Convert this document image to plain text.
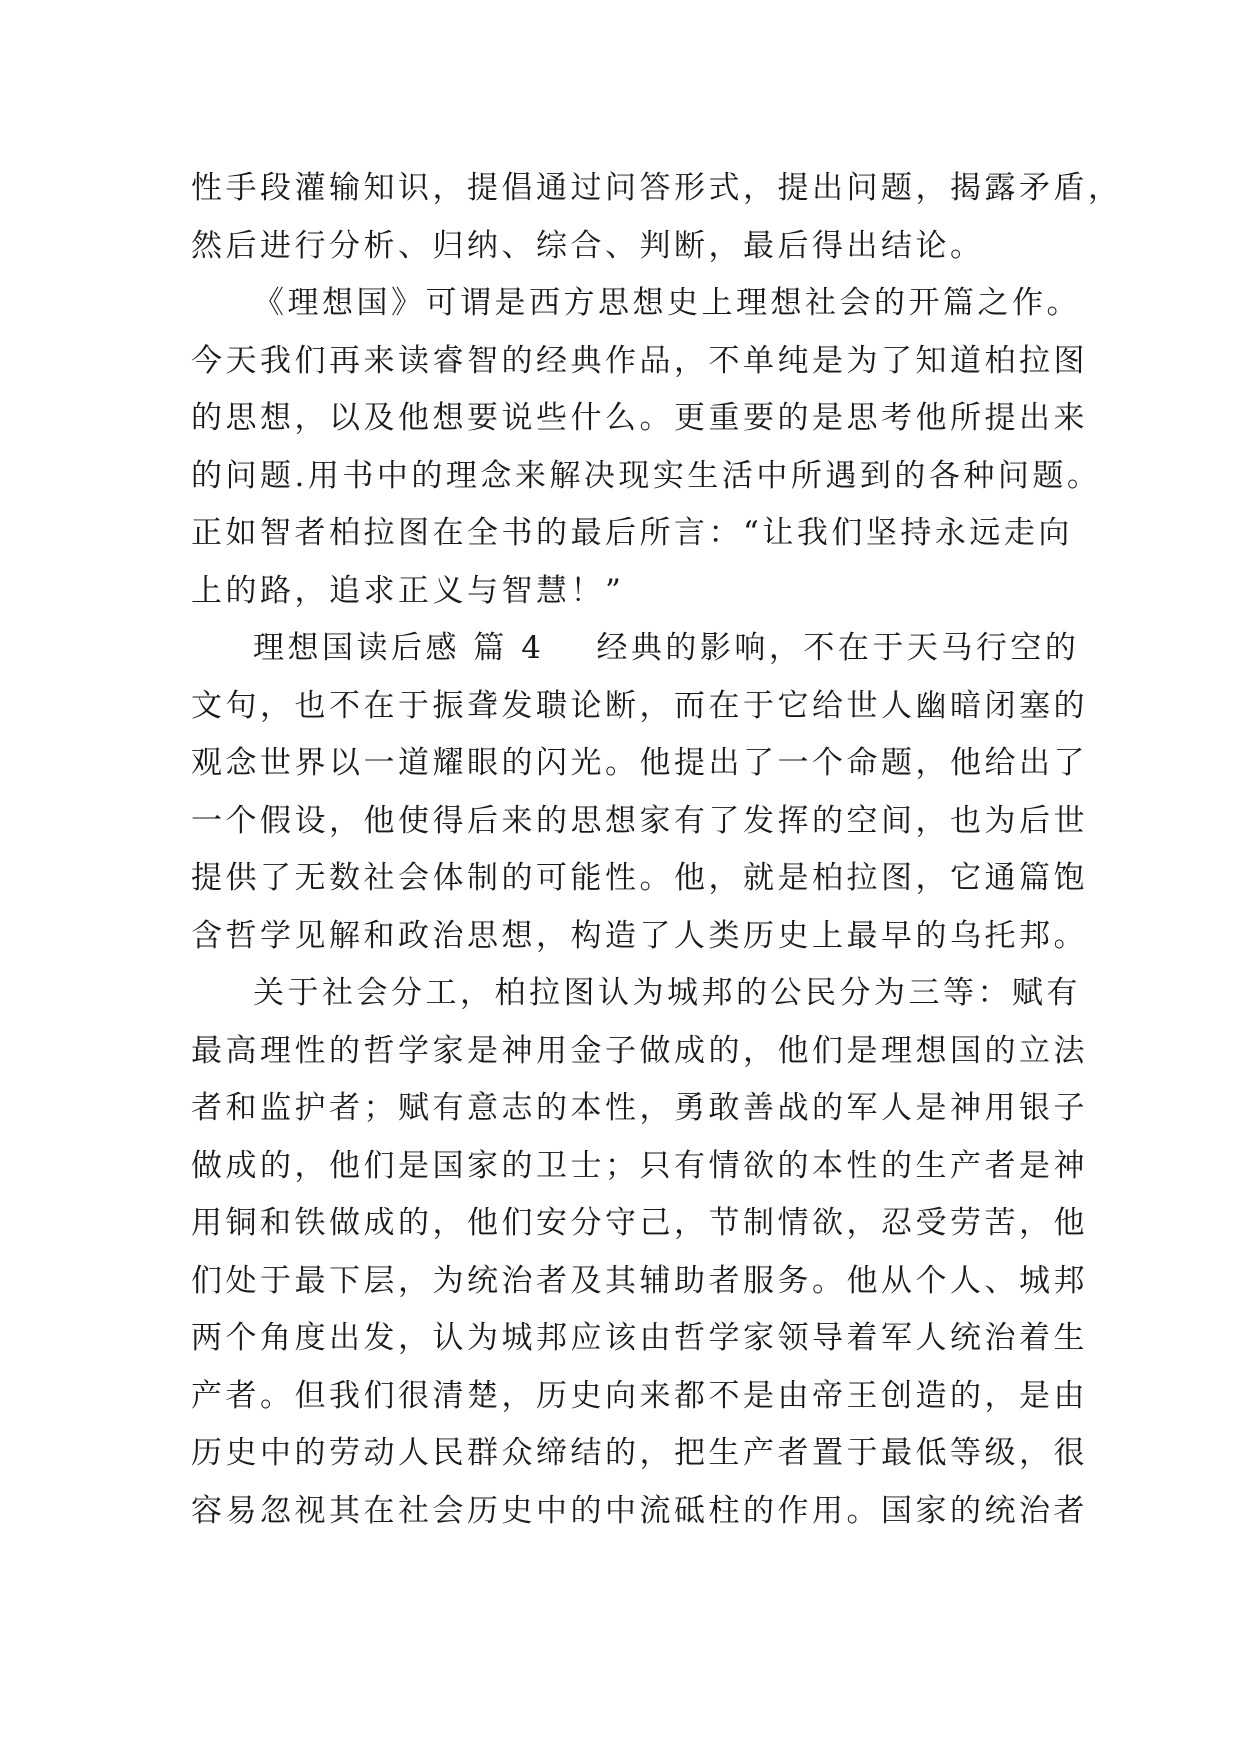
性手段灌输知识，提倡通过问答形式，提出问题，揭露矛盾，
然后进行分析、归纳、综合、判断，最后得出结论。
《理想国》可谓是西方思想史上理想社会的开篇之作。
今天我们再来读睿智的经典作品，不单纯是为了知道柏拉图
的思想，以及他想要说些什么。更重要的是思考他所提出来
的问题.用书中的理念来解决现实生活中所遇到的各种问题。
正如智者柏拉图在全书的最后所言：“让我们坚持永远走向
上的路，追求正义与智慧！”
理想国读后感 篇 4 经典的影响，不在于天马行空的
文句，也不在于振聋发聩论断，而在于它给世人幽暗闭塞的
观念世界以一道耀眼的闪光。他提出了一个命题，他给出了
一个假设，他使得后来的思想家有了发挥的空间，也为后世
提供了无数社会体制的可能性。他，就是柏拉图，它通篇饱
含哲学见解和政治思想，构造了人类历史上最早的乌托邦。
关于社会分工，柏拉图认为城邦的公民分为三等：赋有
最高理性的哲学家是神用金子做成的，他们是理想国的立法
者和监护者；赋有意志的本性，勇敢善战的军人是神用银子
做成的，他们是国家的卫士；只有情欲的本性的生产者是神
用铜和铁做成的，他们安分守己，节制情欲，忍受劳苦，他
们处于最下层，为统治者及其辅助者服务。他从个人、城邦
两个角度出发，认为城邦应该由哲学家领导着军人统治着生
产者。但我们很清楚，历史向来都不是由帝王创造的，是由
历史中的劳动人民群众缔结的，把生产者置于最低等级，很
容易忽视其在社会历史中的中流砥柱的作用。国家的统治者
